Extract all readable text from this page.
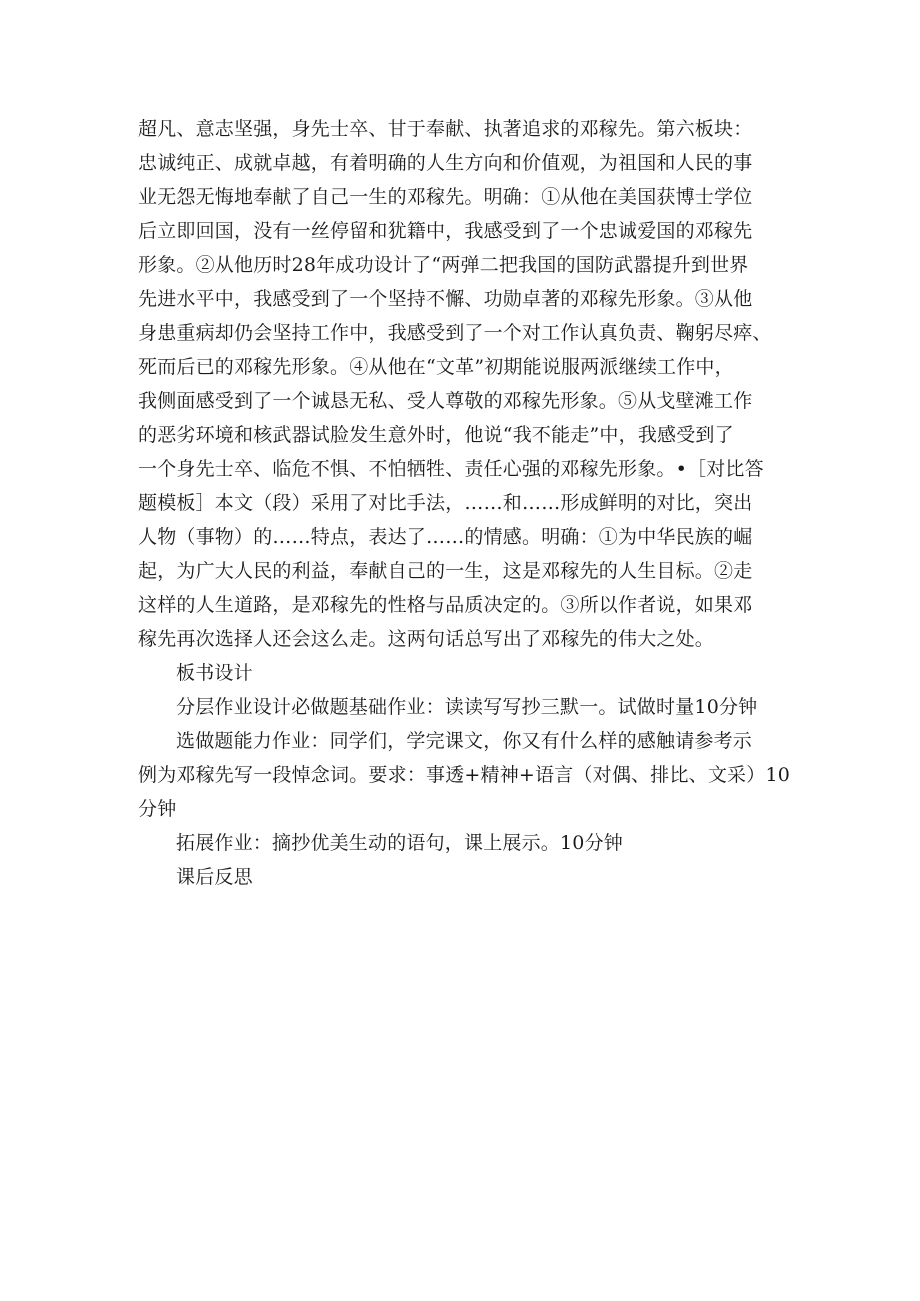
超凡、意志坚强，身先士卒、甘于奉献、执著追求的邓稼先。第六板块：
忠诚纯正、成就卓越，有着明确的人生方向和价值观，为祖国和人民的事
业无怨无悔地奉献了自己一生的邓稼先。明确：①从他在美国获博士学位
后立即回国，没有一丝停留和犹籍中，我感受到了一个忠诚爱国的邓稼先
形象。②从他历时28年成功设计了“两弹二把我国的国防武嚣提升到世界
先进水平中，我感受到了一个坚持不懈、功勋卓著的邓稼先形象。③从他
身患重病却仍会坚持工作中，我感受到了一个对工作认真负责、鞠躬尽瘁、
死而后已的邓稼先形象。④从他在“文革”初期能说服两派继续工作中，
我侧面感受到了一个诚恳无私、受人尊敬的邓稼先形象。⑤从戈壁滩工作
的恶劣环境和核武器试脸发生意外时，他说“我不能走”中，我感受到了
一个身先士卒、临危不惧、不怕牺牲、责任心强的邓稼先形象。•［对比答
题模板］本文（段）采用了对比手法，……和……形成鲜明的对比，突出
人物（事物）的……特点，表达了……的情感。明确：①为中华民族的崛
起，为广大人民的利益，奉献自己的一生，这是邓稼先的人生目标。②走
这样的人生道路，是邓稼先的性格与品质决定的。③所以作者说，如果邓
稼先再次选择人还会这么走。这两句话总写出了邓稼先的伟大之处。
板书设计
分层作业设计必做题基础作业：读读写写抄三默一。试做时量10分钟
选做题能力作业：同学们，学完课文，你又有什么样的感触请参考示
例为邓稼先写一段悼念词。要求：事透+精神+语言（对偶、排比、文采）10
分钟
拓展作业：摘抄优美生动的语句，课上展示。10分钟
课后反思
